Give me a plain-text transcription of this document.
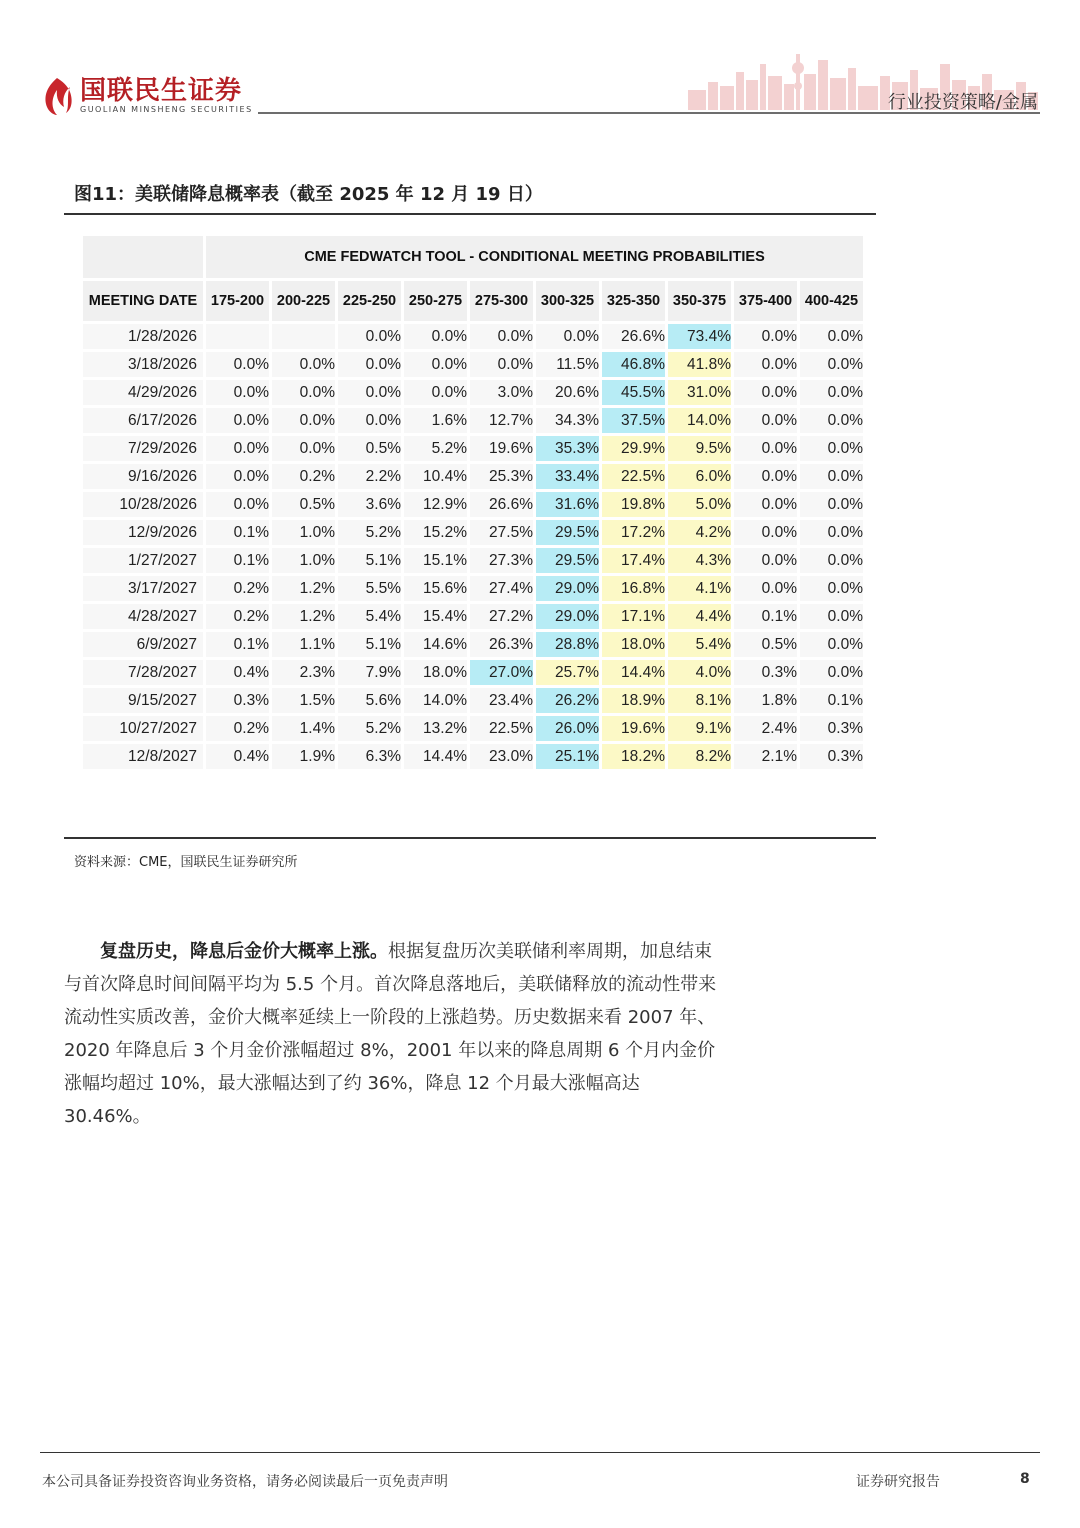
国联民生证券
GUOLIAN MINSHENG SECURITIES	行业投资策略/金属
图11：美联储降息概率表（截至 2025 年 12 月 19 日）
	CME FEDWATCH TOOL - CONDITIONAL MEETING PROBABILITIES									
MEETING DATE	175-200	200-225	225-250	250-275	275-300	300-325	325-350	350-375	375-400	400-425
1/28/2026			0.0%	0.0%	0.0%	0.0%	26.6%	73.4%	0.0%	0.0%
3/18/2026	0.0%	0.0%	0.0%	0.0%	0.0%	11.5%	46.8%	41.8%	0.0%	0.0%
4/29/2026	0.0%	0.0%	0.0%	0.0%	3.0%	20.6%	45.5%	31.0%	0.0%	0.0%
6/17/2026	0.0%	0.0%	0.0%	1.6%	12.7%	34.3%	37.5%	14.0%	0.0%	0.0%
7/29/2026	0.0%	0.0%	0.5%	5.2%	19.6%	35.3%	29.9%	9.5%	0.0%	0.0%
9/16/2026	0.0%	0.2%	2.2%	10.4%	25.3%	33.4%	22.5%	6.0%	0.0%	0.0%
10/28/2026	0.0%	0.5%	3.6%	12.9%	26.6%	31.6%	19.8%	5.0%	0.0%	0.0%
12/9/2026	0.1%	1.0%	5.2%	15.2%	27.5%	29.5%	17.2%	4.2%	0.0%	0.0%
1/27/2027	0.1%	1.0%	5.1%	15.1%	27.3%	29.5%	17.4%	4.3%	0.0%	0.0%
3/17/2027	0.2%	1.2%	5.5%	15.6%	27.4%	29.0%	16.8%	4.1%	0.0%	0.0%
4/28/2027	0.2%	1.2%	5.4%	15.4%	27.2%	29.0%	17.1%	4.4%	0.1%	0.0%
6/9/2027	0.1%	1.1%	5.1%	14.6%	26.3%	28.8%	18.0%	5.4%	0.5%	0.0%
7/28/2027	0.4%	2.3%	7.9%	18.0%	27.0%	25.7%	14.4%	4.0%	0.3%	0.0%
9/15/2027	0.3%	1.5%	5.6%	14.0%	23.4%	26.2%	18.9%	8.1%	1.8%	0.1%
10/27/2027	0.2%	1.4%	5.2%	13.2%	22.5%	26.0%	19.6%	9.1%	2.4%	0.3%
12/8/2027	0.4%	1.9%	6.3%	14.4%	23.0%	25.1%	18.2%	8.2%	2.1%	0.3%
资料来源：CME，国联民生证券研究所
复盘历史，降息后金价大概率上涨。根据复盘历次美联储利率周期，加息结束与首次降息时间间隔平均为 5.5 个月。首次降息落地后，美联储释放的流动性带来流动性实质改善，金价大概率延续上一阶段的上涨趋势。历史数据来看 2007 年、2020 年降息后 3 个月金价涨幅超过 8%，2001 年以来的降息周期 6 个月内金价涨幅均超过 10%，最大涨幅达到了约 36%，降息 12 个月最大涨幅高达 30.46%。
本公司具备证券投资咨询业务资格，请务必阅读最后一页免责声明	证券研究报告	8
